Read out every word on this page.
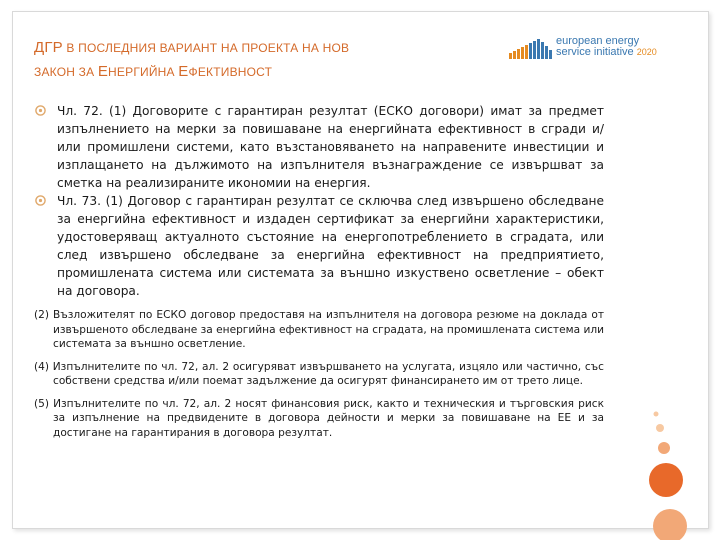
ДГР В ПОСЛЕДНИЯ ВАРИАНТ НА ПРОЕКТА НА НОВ
ЗАКОН ЗА ЕНЕРГИЙНА ЕФЕКТИВНОСТ
european energy
service initiative 2020
Чл. 72. (1) Договорите с гарантиран резултат (ЕСКО договори) имат за предмет изпълнението на мерки за повишаване на енергийната ефективност в сгради и/или промишлени системи, като възстановяването на направените инвестиции и изплащането на дължимото на изпълнителя възнаграждение се извършват за сметка на реализираните икономии на енергия.
Чл. 73. (1) Договор с гарантиран резултат се сключва след извършено обследване за енергийна ефективност и издаден сертификат за енергийни характеристики, удостоверяващ актуалното състояние на енергопотреблението в сградата, или след извършено обследване за енергийна ефективност на предприятието, промишлената система или системата за външно изкуствено осветление – обект на договора.
(2) Възложителят по ЕСКО договор предоставя на изпълнителя на договора резюме на доклада от извършеното обследване за енергийна ефективност на сградата, на промишлената система или системата за външно осветление.
(4) Изпълнителите по чл. 72, ал. 2 осигуряват извършването на услугата, изцяло или частично, със собствени средства и/или поемат задължение да осигурят финансирането им от трето лице.
(5) Изпълнителите по чл. 72, ал. 2 носят финансовия риск, както и техническия и търговския риск за изпълнение на предвидените в договора дейности и мерки за повишаване на ЕЕ и за достигане на гарантирания в договора резултат.
